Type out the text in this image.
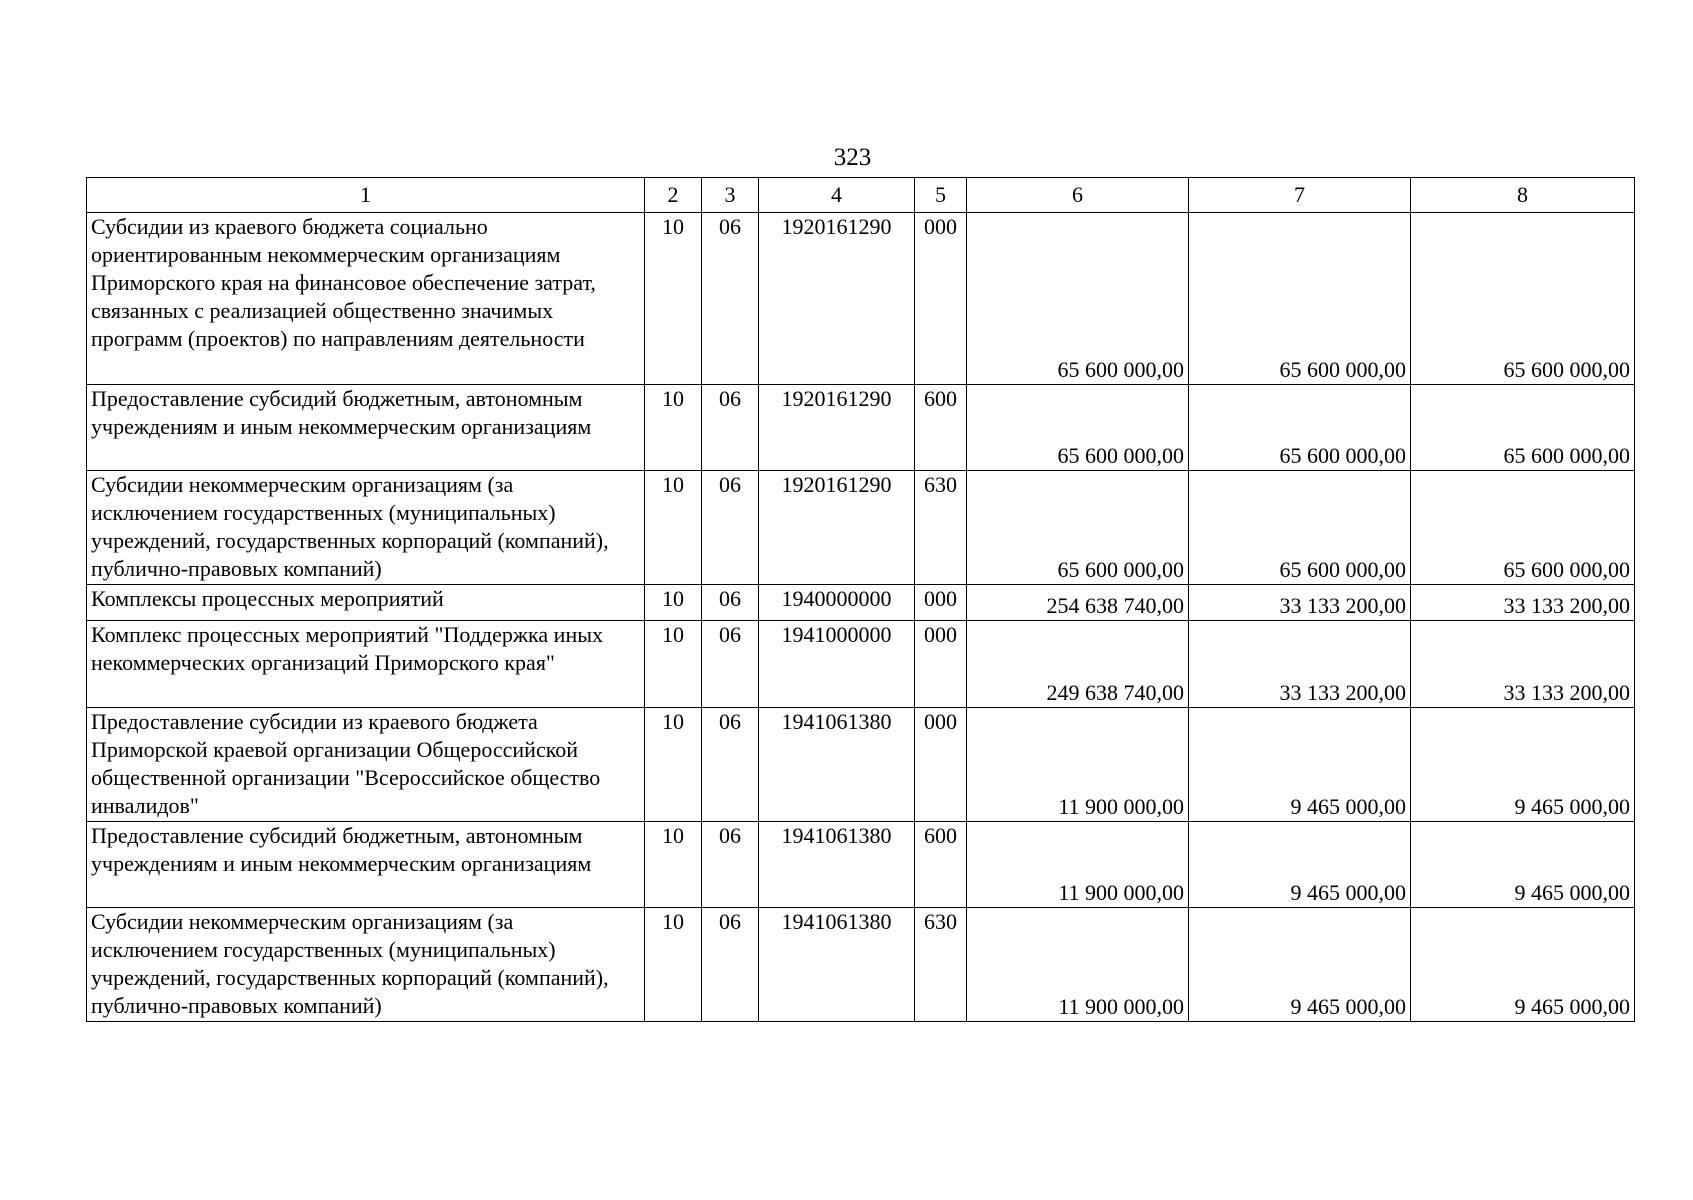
323
1	2	3	4	5	6	7	8
Субсидии из краевого бюджета социально ориентированным некоммерческим организациям Приморского края на финансовое обеспечение затрат, связанных с реализацией общественно значимых программ (проектов) по направлениям деятельности	10	06	1920161290	000	65 600 000,00	65 600 000,00	65 600 000,00
Предоставление субсидий бюджетным, автономным учреждениям и иным некоммерческим организациям	10	06	1920161290	600	65 600 000,00	65 600 000,00	65 600 000,00
Субсидии некоммерческим организациям (за исключением государственных (муниципальных) учреждений, государственных корпораций (компаний), публично-правовых компаний)	10	06	1920161290	630	65 600 000,00	65 600 000,00	65 600 000,00
Комплексы процессных мероприятий	10	06	1940000000	000	254 638 740,00	33 133 200,00	33 133 200,00
Комплекс процессных мероприятий "Поддержка иных некоммерческих организаций Приморского края"	10	06	1941000000	000	249 638 740,00	33 133 200,00	33 133 200,00
Предоставление субсидии из краевого бюджета Приморской краевой организации Общероссийской общественной организации "Всероссийское общество инвалидов"	10	06	1941061380	000	11 900 000,00	9 465 000,00	9 465 000,00
Предоставление субсидий бюджетным, автономным учреждениям и иным некоммерческим организациям	10	06	1941061380	600	11 900 000,00	9 465 000,00	9 465 000,00
Субсидии некоммерческим организациям (за исключением государственных (муниципальных) учреждений, государственных корпораций (компаний), публично-правовых компаний)	10	06	1941061380	630	11 900 000,00	9 465 000,00	9 465 000,00
